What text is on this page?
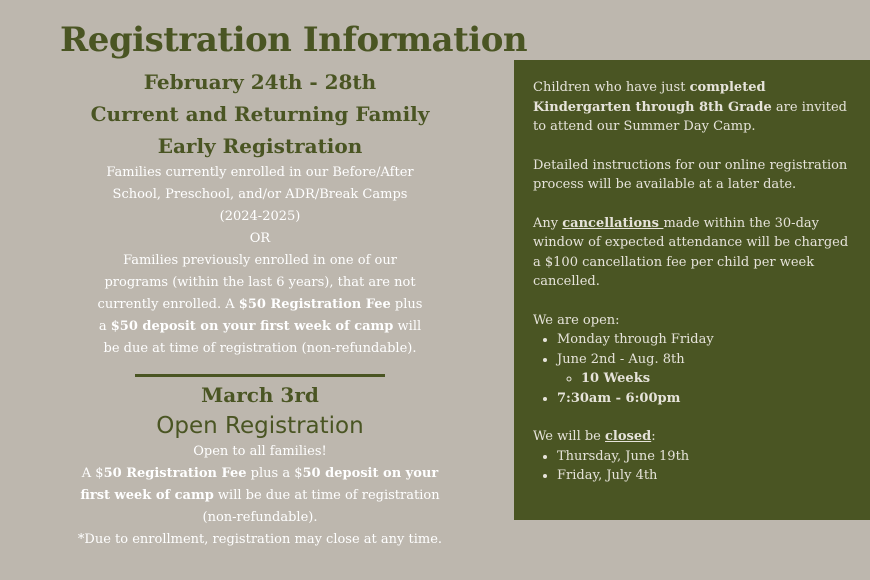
Registration Information
February 24th - 28th
Current and Returning Family
Early Registration
Families currently enrolled in our Before/After
School, Preschool, and/or ADR/Break Camps
(2024-2025)
OR
Families previously enrolled in one of our
programs (within the last 6 years), that are not
currently enrolled. A $50 Registration Fee plus
a $50 deposit on your first week of camp will
be due at time of registration (non-refundable).
March 3rd
Open Registration
Open to all families!
A $50 Registration Fee plus a $50 deposit on your
first week of camp will be due at time of registration
(non-refundable).
*Due to enrollment, registration may close at any time.

Children who have just completed Kindergarten through 8th Grade are invited to attend our Summer Day Camp.

Detailed instructions for our online registration process will be available at a later date.

Any cancellations made within the 30-day window of expected attendance will be charged a $100 cancellation fee per child per week cancelled.

We are open:

• Monday through Friday
• June 2nd - Aug. 8th
◦ 10 Weeks
• 7:30am - 6:00pm

We will be closed:

• Thursday, June 19th
• Friday, July 4th
